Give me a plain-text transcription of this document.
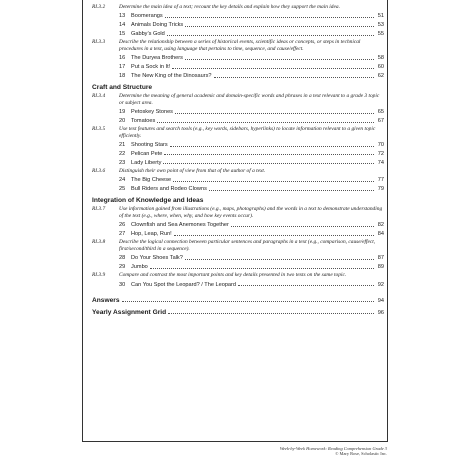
RI.3.2	Determine the main idea of a text; recount the key details and explain how they support the main idea.
13	Boomerangs	51
14	Animals Doing Tricks	53
15	Gabby’s Gold	55
RI.3.3	Describe the relationship between a series of historical events, scientific ideas or concepts, or steps in technical procedures in a text, using language that pertains to time, sequence, and cause/effect.
16	The Duryea Brothers	58
17	Put a Sock in It!	60
18	The New King of the Dinosaurs?	62
Craft and Structure
RI.3.4	Determine the meaning of general academic and domain-specific words and phrases in a text relevant to a grade 3 topic or subject area.
19	Petoskey Stones	65
20	Tomatoes	67
RI.3.5	Use text features and search tools (e.g., key words, sidebars, hyperlinks) to locate information relevant to a given topic efficiently.
21	Shooting Stars	70
22	Pelican Pete	72
23	Lady Liberty	74
RI.3.6	Distinguish their own point of view from that of the author of a text.
24	The Big Cheese	77
25	Bull Riders and Rodeo Clowns	79
Integration of Knowledge and Ideas
RI.3.7	Use information gained from illustrations (e.g., maps, photographs) and the words in a text to demonstrate understanding of the text (e.g., where, when, why, and how key events occur).
26	Clownfish and Sea Anemones Together	82
27	Hop, Leap, Run!	84
RI.3.8	Describe the logical connection between particular sentences and paragraphs in a text (e.g., comparison, cause/effect, first/second/third in a sequence).
28	Do Your Shoes Talk?	87
29	Jumbo	89
RI.3.9	Compare and contrast the most important points and key details presented in two texts on the same topic.
30	Can You Spot the Leopard? / The Leopard	92
Answers	94
Yearly Assignment Grid	96
Week-by-Week Homework: Reading Comprehension Grade 3
© Mary Rose, Scholastic Inc.
